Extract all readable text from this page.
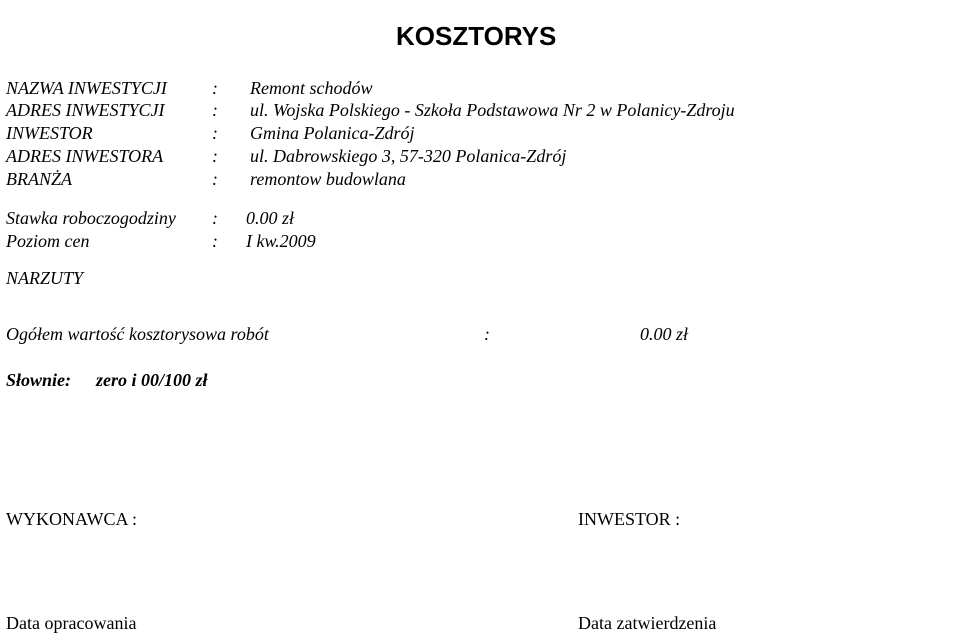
KOSZTORYS
NAZWA INWESTYCJI	: Remont schodów
ADRES INWESTYCJI	: ul. Wojska Polskiego - Szkoła Podstawowa Nr 2 w Polanicy-Zdroju
INWESTOR	: Gmina Polanica-Zdrój
ADRES INWESTORA	: ul. Dabrowskiego 3, 57-320 Polanica-Zdrój
BRANŻA	: remontow budowlana
Stawka roboczogodziny : 0.00 zł
Poziom cen	: I kw.2009
NARZUTY
Ogółem wartość kosztorysowa robót	:	0.00 zł
Słownie: zero i 00/100 zł
WYKONAWCA :	INWESTOR :
Data opracowania	Data zatwierdzenia
